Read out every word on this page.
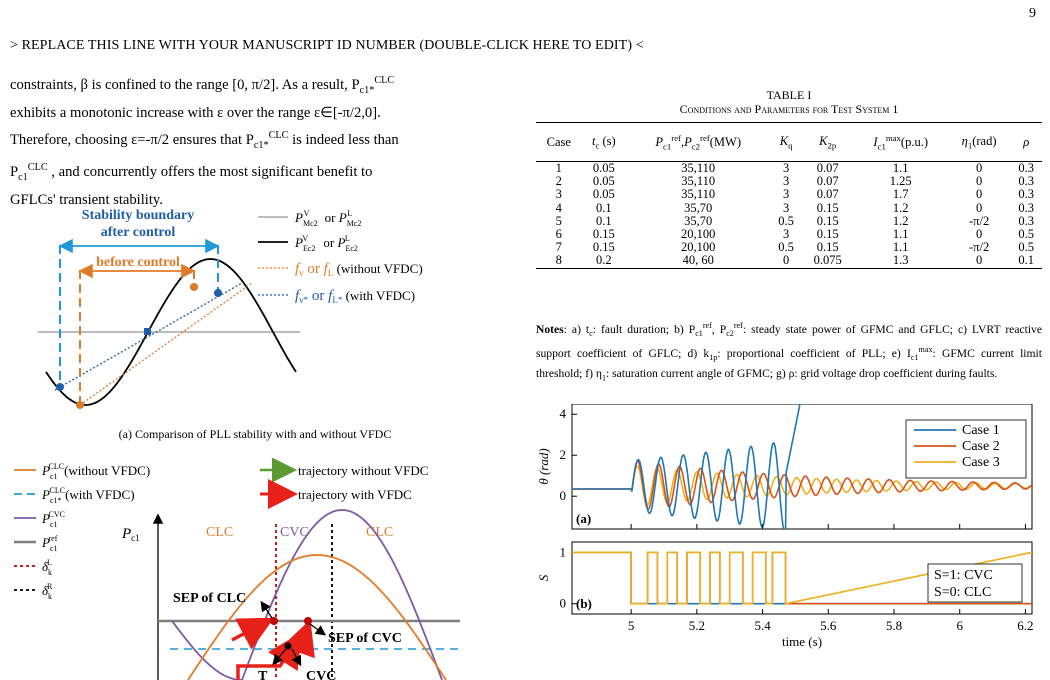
9
> REPLACE THIS LINE WITH YOUR MANUSCRIPT ID NUMBER (DOUBLE-CLICK HERE TO EDIT) <
constraints, β is confined to the range [0, π/2]. As a result, $P_{c1*}^{CLC}$
exhibits a monotonic increase with ε over the range ε∈[-π/2,0].
Therefore, choosing ε=-π/2 ensures that $P_{c1*}^{CLC}$ is indeed less than
$P_{c1}^{CLC}$ , and concurrently offers the most significant benefit to
GFLCs' transient stability.
Stability boundary
after control
before control
$P_{Mc2}V$ or $P_{Mc2}L$
$P_{Ec2}V$ or $P_{Ec2}L$
$f_v$ or $f_L$ (without VFDC)
$f_{v*}$ or $f_{L*}$ (with VFDC)
(a) Comparison of PLL stability with and without VFDC
$P_{c1}CLC(without$ VFDC)
$P_{c1*}CLC(with$ VFDC)
$P_{c1}CVC$
$P_{c1}ref$
$\delta_kL$
$\delta_kR$
trajectory without VFDC
trajectory with VFDC
$P_{c1}$	CLC	CVC	CLC
SEP of CLC
SEP of CVC
T	CVC
TABLE I
Conditions and Parameters for Test System 1
Case	$t_c$ (s)	$P_{c1}^{ref},P_{c2}^{ref}(MW)$	$K_q$	$K_{2p}$	$I_{c1}^{max}(p.u.)$	$\eta_1(rad)$	ρ
1	0.05	35,110	3	0.07	1.1	0	0.3
2	0.05	35,110	3	0.07	1.25	0	0.3
3	0.05	35,110	3	0.07	1.7	0	0.3
4	0.1	35,70	3	0.15	1.2	0	0.3
5	0.1	35,70	0.5	0.15	1.2	-π/2	0.3
6	0.15	20,100	3	0.15	1.1	0	0.5
7	0.15	20,100	0.5	0.15	1.1	-π/2	0.5
8	0.2	40, 60	0	0.075	1.3	0	0.1
Notes: a) $t_c$: fault duration; b) $P_{c1}^{ref}$, $P_{c2}^{ref}$: steady state power of GFMC and GFLC; c) LVRT reactive support coefficient of GFLC; d) $k_{1p}$: proportional coefficient of PLL; e) $I_{c1}^{max}$: GFMC current limit threshold; f) $\eta_1$: saturation current angle of GFMC; g) ρ: grid voltage drop coefficient during faults.
0
2
4
θ (rad)
(a)
Case 1
Case 2
Case 3
0
1
S
(b)
S=1: CVC
S=0: CLC
5	5.2	5.4	5.6	5.8	6	6.2
time (s)
